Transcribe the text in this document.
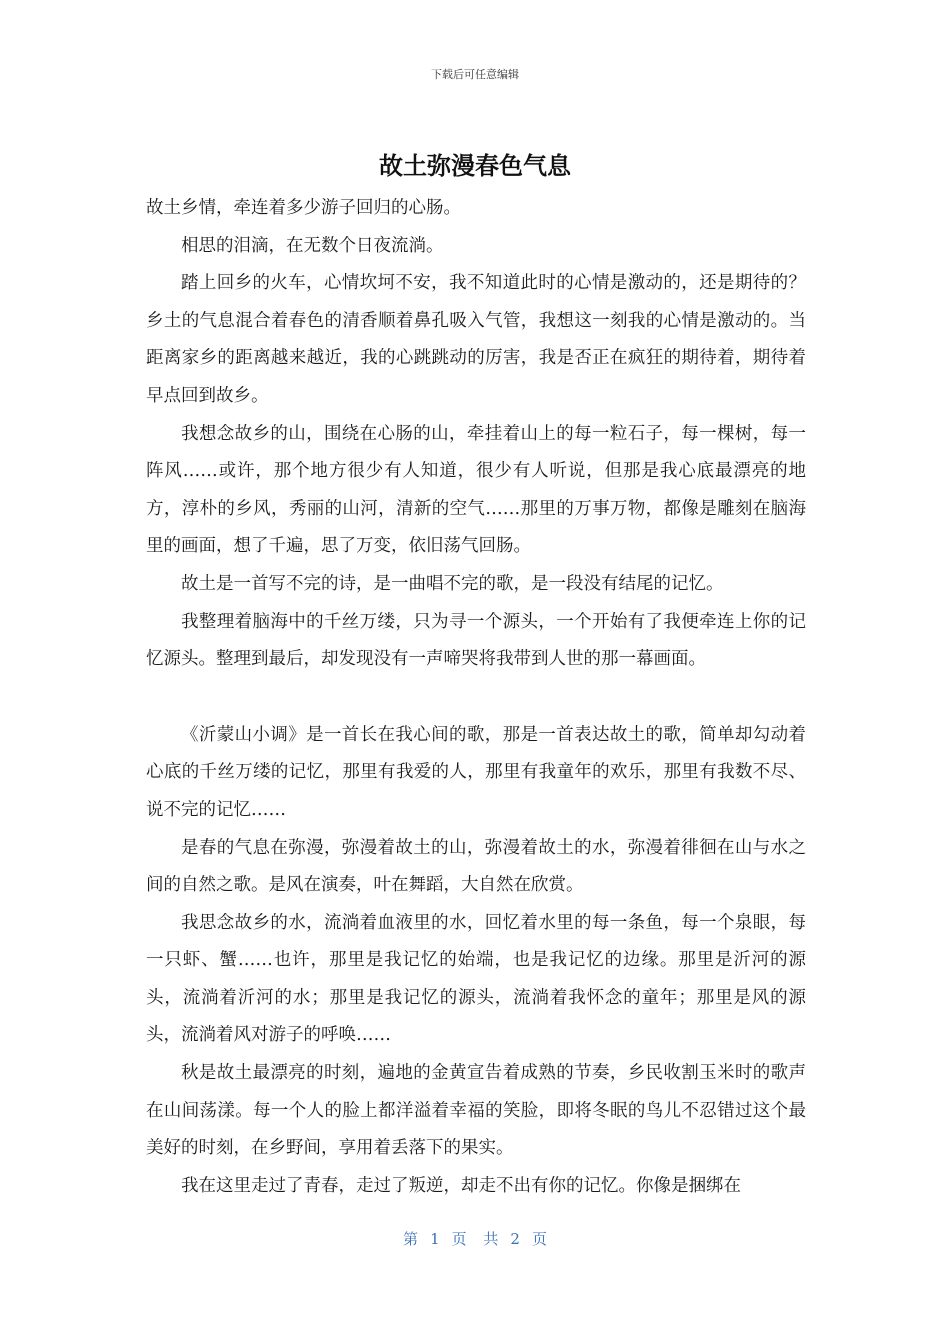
下载后可任意编辑
故土弥漫春色气息

故土乡情，牵连着多少游子回归的心肠。

相思的泪滴，在无数个日夜流淌。

踏上回乡的火车，心情坎坷不安，我不知道此时的心情是激动的，还是期待的？乡土的气息混合着春色的清香顺着鼻孔吸入气管，我想这一刻我的心情是激动的。当距离家乡的距离越来越近，我的心跳跳动的厉害，我是否正在疯狂的期待着，期待着早点回到故乡。

我想念故乡的山，围绕在心肠的山，牵挂着山上的每一粒石子，每一棵树，每一阵风……或许，那个地方很少有人知道，很少有人听说，但那是我心底最漂亮的地方，淳朴的乡风，秀丽的山河，清新的空气……那里的万事万物，都像是雕刻在脑海里的画面，想了千遍，思了万变，依旧荡气回肠。

故土是一首写不完的诗，是一曲唱不完的歌，是一段没有结尾的记忆。

我整理着脑海中的千丝万缕，只为寻一个源头，一个开始有了我便牵连上你的记忆源头。整理到最后，却发现没有一声啼哭将我带到人世的那一幕画面。

《沂蒙山小调》是一首长在我心间的歌，那是一首表达故土的歌，简单却勾动着心底的千丝万缕的记忆，那里有我爱的人，那里有我童年的欢乐，那里有我数不尽、说不完的记忆……

是春的气息在弥漫，弥漫着故土的山，弥漫着故土的水，弥漫着徘徊在山与水之间的自然之歌。是风在演奏，叶在舞蹈，大自然在欣赏。

我思念故乡的水，流淌着血液里的水，回忆着水里的每一条鱼，每一个泉眼，每一只虾、蟹……也许，那里是我记忆的始端，也是我记忆的边缘。那里是沂河的源头，流淌着沂河的水；那里是我记忆的源头，流淌着我怀念的童年；那里是风的源头，流淌着风对游子的呼唤……

秋是故土最漂亮的时刻，遍地的金黄宣告着成熟的节奏，乡民收割玉米时的歌声在山间荡漾。每一个人的脸上都洋溢着幸福的笑脸，即将冬眠的鸟儿不忍错过这个最美好的时刻，在乡野间，享用着丢落下的果实。

我在这里走过了青春，走过了叛逆，却走不出有你的记忆。你像是捆绑在

第 1 页 共 2 页
